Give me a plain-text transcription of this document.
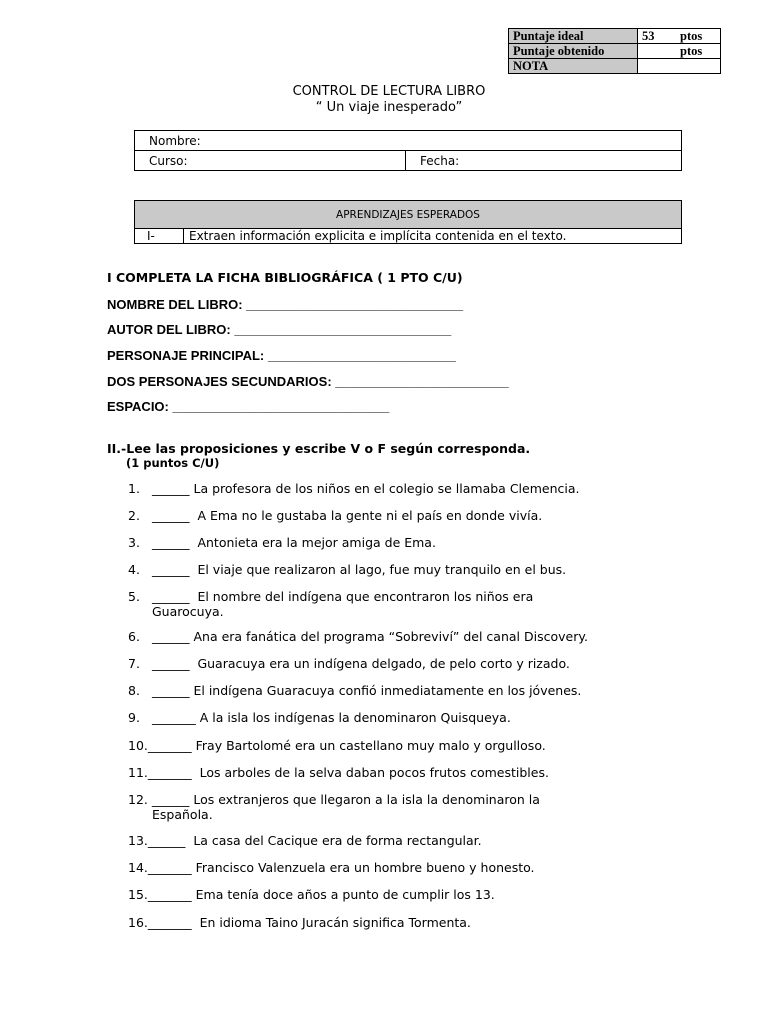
Puntaje ideal	53 ptos
Puntaje obtenido	ptos
NOTA	
CONTROL DE LECTURA LIBRO
“ Un viaje inesperado”
Nombre:
Curso:	Fecha:
APRENDIZAJES ESPERADOS
I-	Extraen información explicita e implícita contenida en el texto.
I COMPLETA LA FICHA BIBLIOGRÁFICA ( 1 PTO C/U)
NOMBRE DEL LIBRO: ______________________________
AUTOR DEL LIBRO: ______________________________
PERSONAJE PRINCIPAL: __________________________
DOS PERSONAJES SECUNDARIOS: ________________________
ESPACIO: ______________________________
II.-Lee las proposiciones y escribe V o F según corresponda.
(1 puntos C/U)
1. ______ La profesora de los niños en el colegio se llamaba Clemencia.
2. ______  A Ema no le gustaba la gente ni el país en donde vivía.
3. ______  Antonieta era la mejor amiga de Ema.
4. ______  El viaje que realizaron al lago, fue muy tranquilo en el bus.
5. ______  El nombre del indígena que encontraron los niños era
Guarocuya.
6. ______ Ana era fanática del programa “Sobreviví” del canal Discovery.
7. ______  Guaracuya era un indígena delgado, de pelo corto y rizado.
8. ______ El indígena Guaracuya confió inmediatamente en los jóvenes.
9. _______ A la isla los indígenas la denominaron Quisqueya.
10._______ Fray Bartolomé era un castellano muy malo y orgulloso.
11._______  Los arboles de la selva daban pocos frutos comestibles.
12. ______ Los extranjeros que llegaron a la isla la denominaron la
Española.
13.______  La casa del Cacique era de forma rectangular.
14._______ Francisco Valenzuela era un hombre bueno y honesto.
15._______ Ema tenía doce años a punto de cumplir los 13.
16._______  En idioma Taino Juracán significa Tormenta.
